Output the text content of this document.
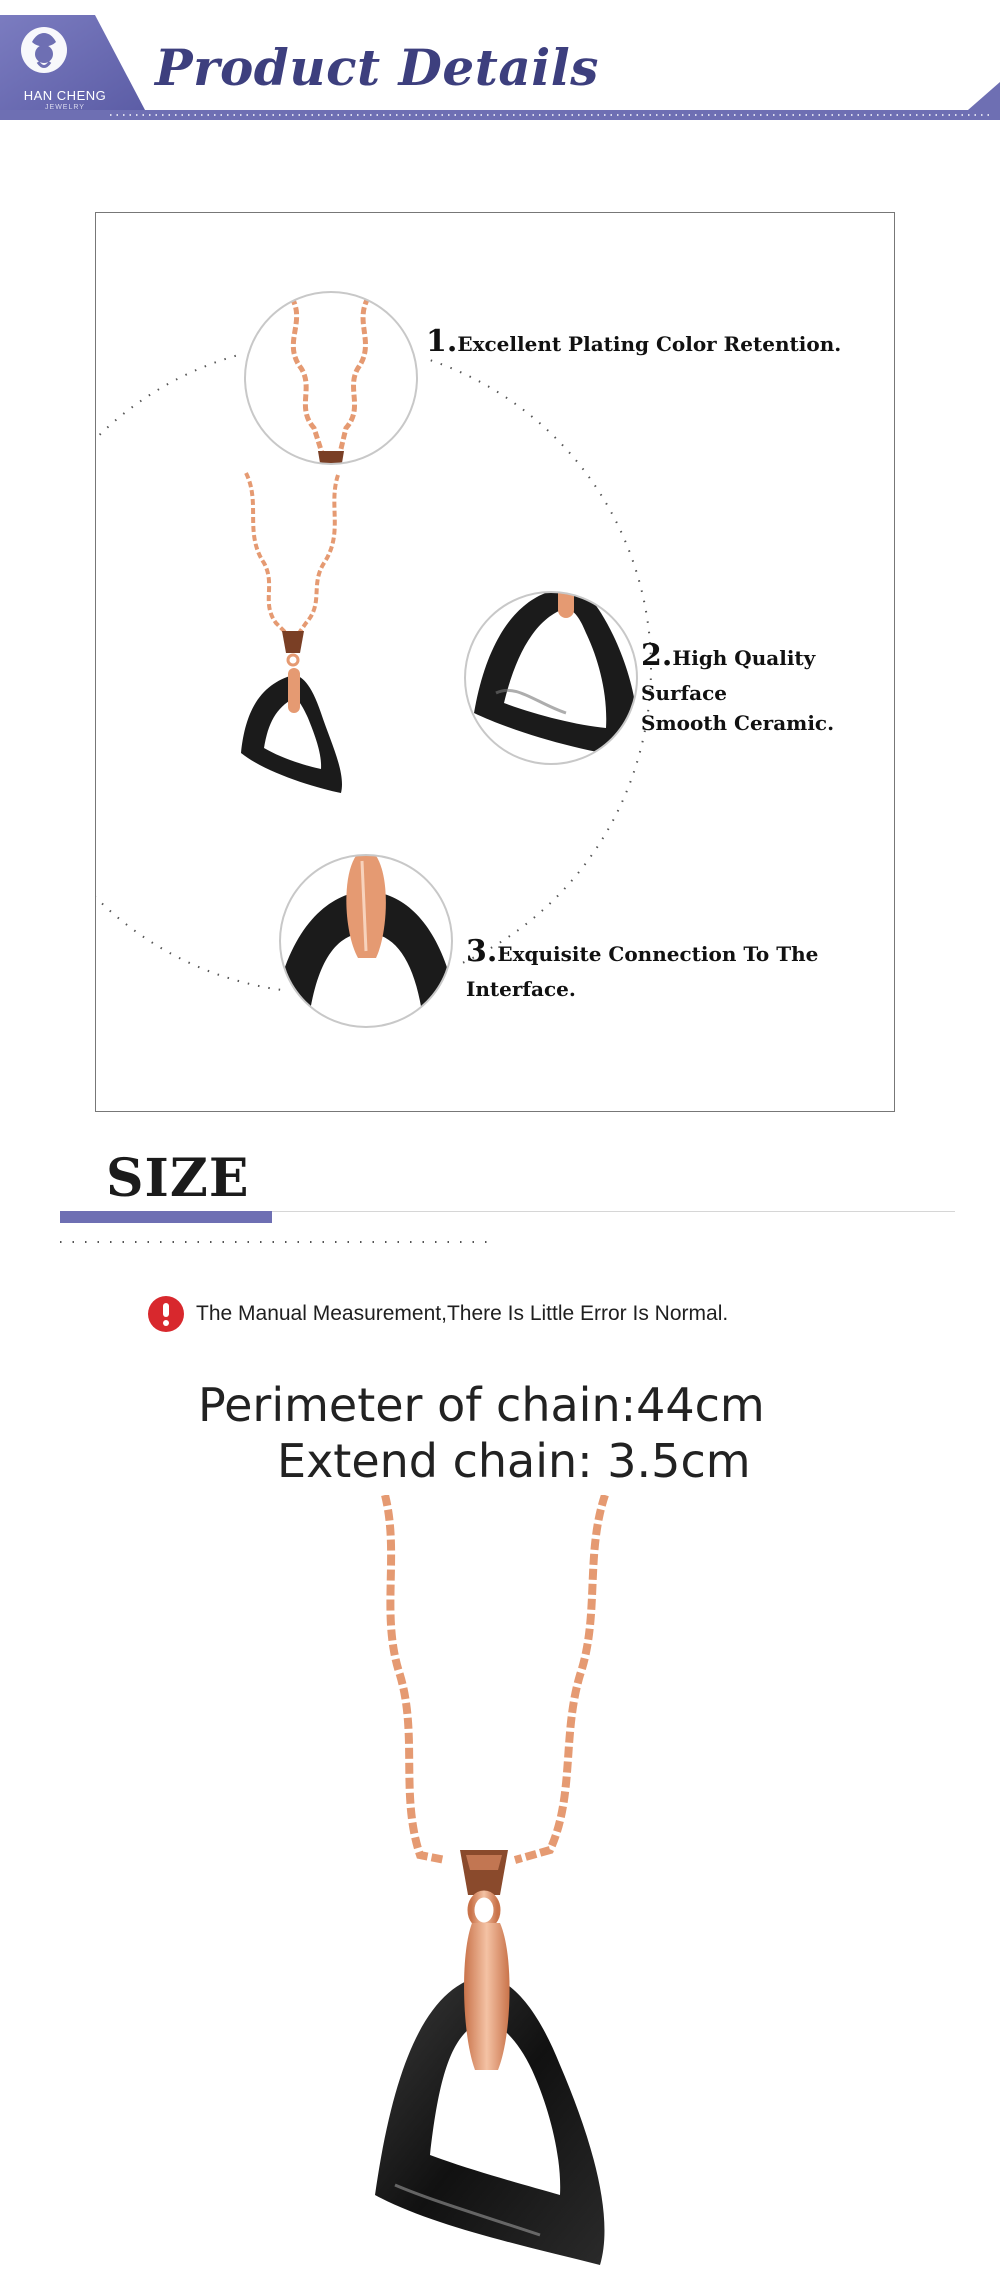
HAN CHENG
JEWELRY
Product Details
1.Excellent Plating Color Retention.
2.High Quality Surface
Smooth Ceramic.
3.Exquisite Connection To The Interface.
SIZE
The Manual Measurement,There Is Little Error Is Normal.
Perimeter of chain:44cm
Extend chain: 3.5cm
